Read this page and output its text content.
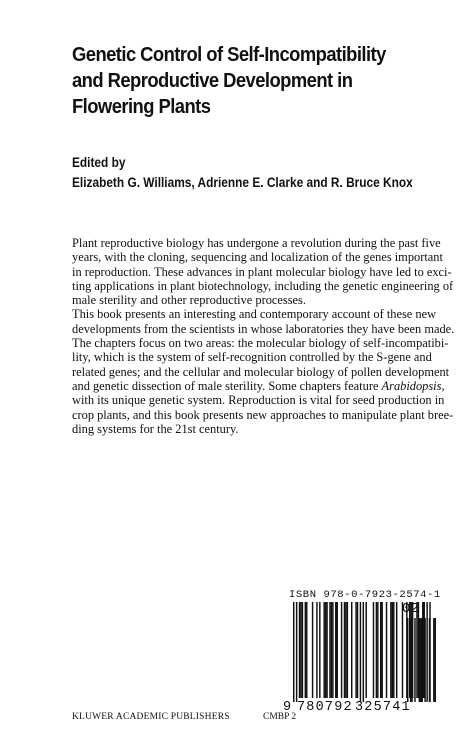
Genetic Control of Self-Incompatibility
and Reproductive Development in
Flowering Plants
Edited by
Elizabeth G. Williams, Adrienne E. Clarke and R. Bruce Knox

Plant reproductive biology has undergone a revolution during the past five
years, with the cloning, sequencing and localization of the genes important
in reproduction. These advances in plant molecular biology have led to exci-
ting applications in plant biotechnology, including the genetic engineering of
male sterility and other reproductive processes.

This book presents an interesting and contemporary account of these new
developments from the scientists in whose laboratories they have been made.
The chapters focus on two areas: the molecular biology of self-incompatibi-
lity, which is the system of self-recognition controlled by the S-gene and
related genes; and the cellular and molecular biology of pollen development
and genetic dissection of male sterility. Some chapters feature Arabidopsis,
with its unique genetic system. Reproduction is vital for seed production in
crop plants, and this book presents new approaches to manipulate plant bree-
ding systems for the 21st century.

ISBN 978-0-7923-2574-1
9 780792 325741
KLUWER ACADEMIC PUBLISHERS	CMBP 2
